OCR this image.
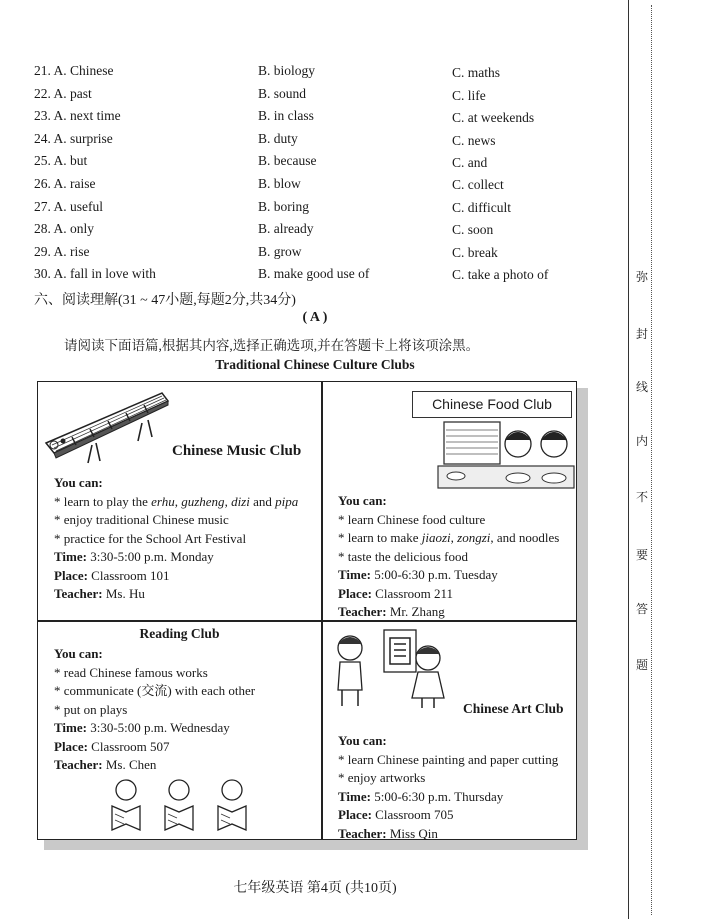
21. A. Chinese	B. biology	C. maths
22. A. past	B. sound	C. life
23. A. next time	B. in class	C. at weekends
24. A. surprise	B. duty	C. news
25. A. but	B. because	C. and
26. A. raise	B. blow	C. collect
27. A. useful	B. boring	C. difficult
28. A. only	B. already	C. soon
29. A. rise	B. grow	C. break
30. A. fall in love with	B. make good use of	C. take a photo of
六、阅读理解(31 ~ 47小题,每题2分,共34分)
( A )
请阅读下面语篇,根据其内容,选择正确选项,并在答题卡上将该项涂黑。
Traditional Chinese Culture Clubs
Chinese Music Club
You can:
* learn to play the erhu, guzheng, dizi and pipa
* enjoy traditional Chinese music
* practice for the School Art Festival
Time: 3:30-5:00 p.m. Monday
Place: Classroom 101
Teacher: Ms. Hu
Chinese Food Club
You can:
* learn Chinese food culture
* learn to make jiaozi, zongzi, and noodles
* taste the delicious food
Time: 5:00-6:30 p.m. Tuesday
Place: Classroom 211
Teacher: Mr. Zhang
Reading Club
You can:
* read Chinese famous works
* communicate (交流) with each other
* put on plays
Time: 3:30-5:00 p.m. Wednesday
Place: Classroom 507
Teacher: Ms. Chen
Chinese Art Club
You can:
* learn Chinese painting and paper cutting
* enjoy artworks
Time: 5:00-6:30 p.m. Thursday
Place: Classroom 705
Teacher: Miss Qin
七年级英语 第4页 (共10页)
弥
封
线
内
不
要
答
题
